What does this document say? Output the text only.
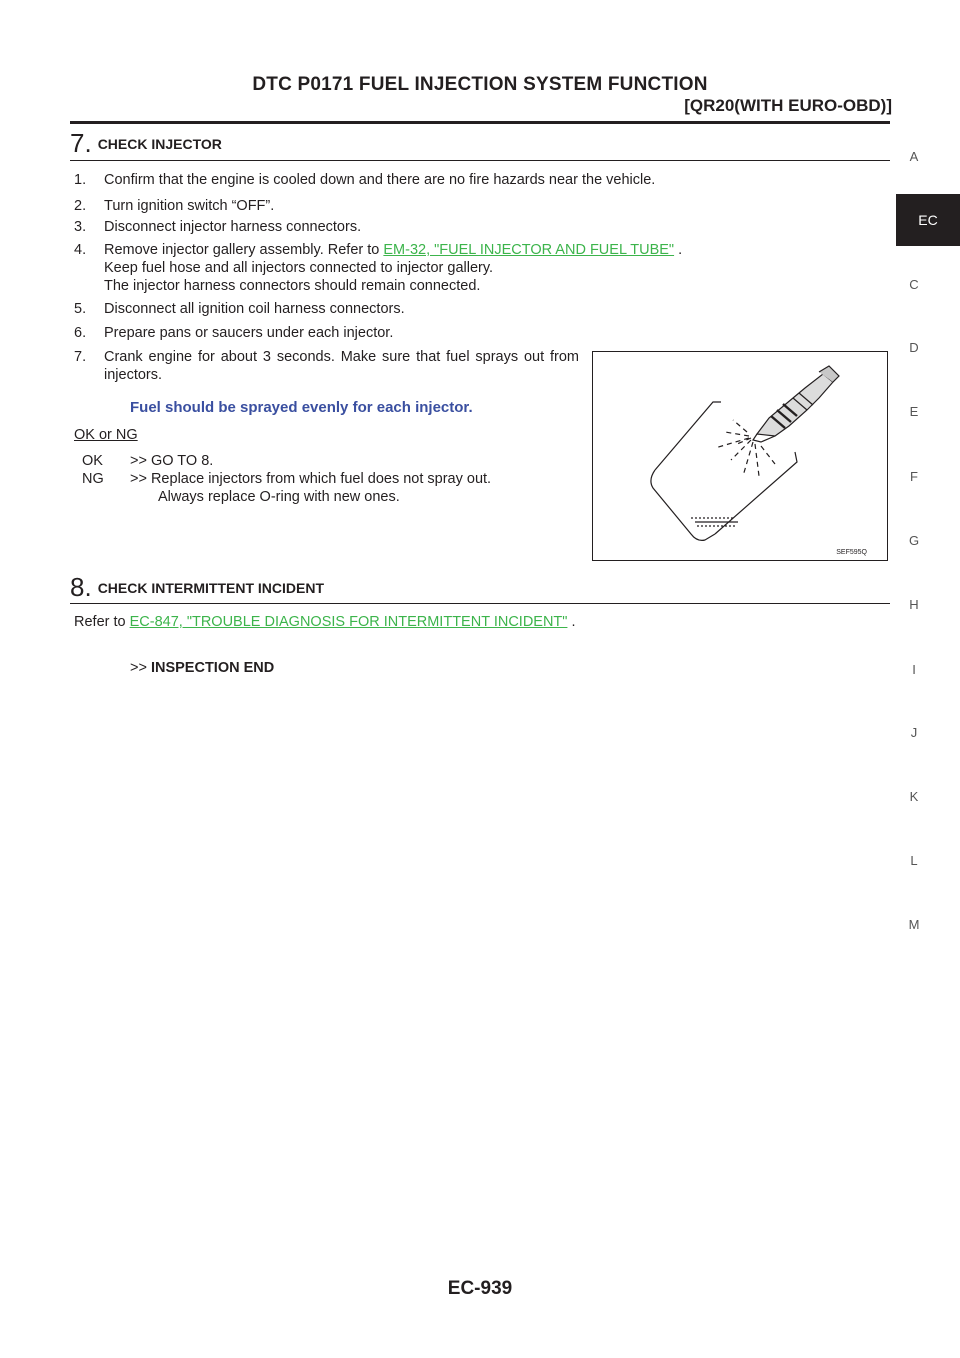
DTC P0171 FUEL INJECTION SYSTEM FUNCTION
[QR20(WITH EURO-OBD)]
7. CHECK INJECTOR
1. Confirm that the engine is cooled down and there are no fire hazards near the vehicle.
2. Turn ignition switch “OFF”.
3. Disconnect injector harness connectors.
4. Remove injector gallery assembly. Refer to EM-32, "FUEL INJECTOR AND FUEL TUBE" .
Keep fuel hose and all injectors connected to injector gallery.
The injector harness connectors should remain connected.
5. Disconnect all ignition coil harness connectors.
6. Prepare pans or saucers under each injector.
7. Crank engine for about 3 seconds. Make sure that fuel sprays out from injectors.
Fuel should be sprayed evenly for each injector.
OK or NG
OK >> GO TO 8.
NG >> Replace injectors from which fuel does not spray out.
Always replace O-ring with new ones.
SEF595Q
8. CHECK INTERMITTENT INCIDENT
Refer to EC-847, "TROUBLE DIAGNOSIS FOR INTERMITTENT INCIDENT" .
>> INSPECTION END
A
EC
C
D
E
F
G
H
I
J
K
L
M
EC-939
